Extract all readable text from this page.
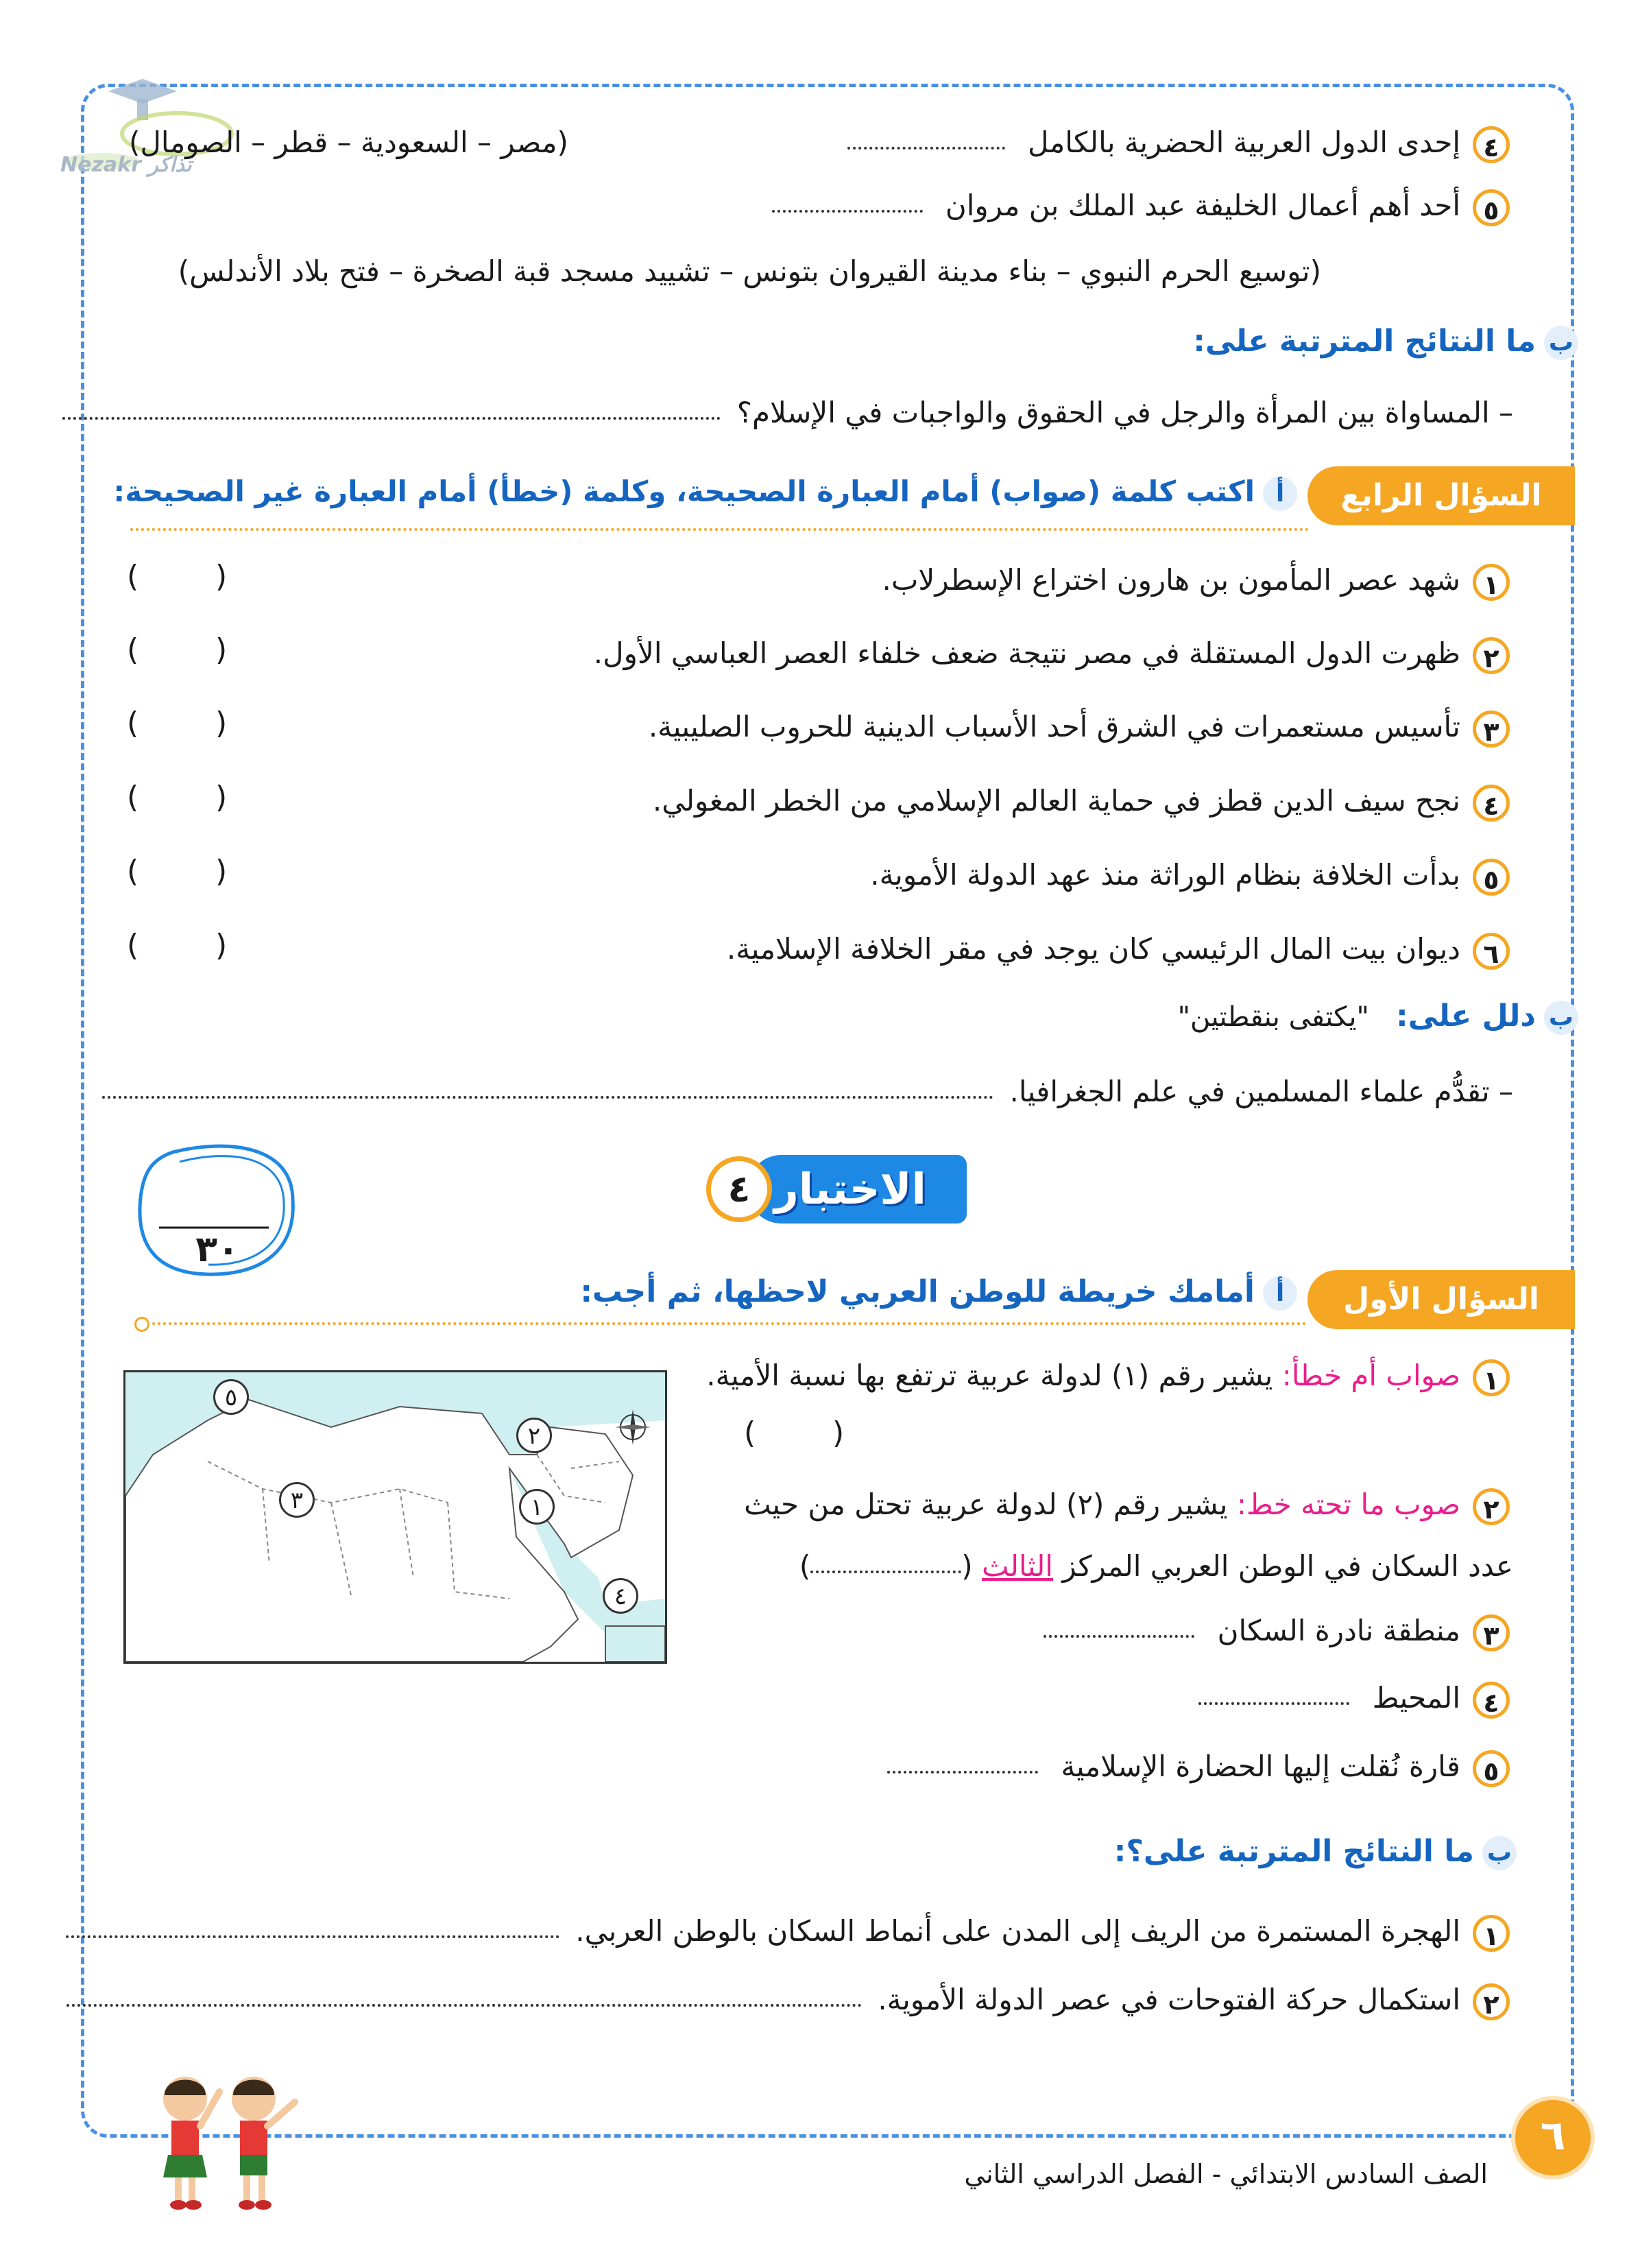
Nezakr تذاكر
٤إحدى الدول العربية الحضرية بالكامل
(مصر – السعودية – قطر – الصومال)
٥أحد أهم أعمال الخليفة عبد الملك بن مروان
(توسيع الحرم النبوي – بناء مدينة القيروان بتونس – تشييد مسجد قبة الصخرة – فتح بلاد الأندلس)
بما النتائج المترتبة على:
– المساواة بين المرأة والرجل في الحقوق والواجبات في الإسلام؟
السؤال الرابع
أاكتب كلمة (صواب) أمام العبارة الصحيحة، وكلمة (خطأ) أمام العبارة غير الصحيحة:
١شهد عصر المأمون بن هارون اختراع الإسطرلاب.
(        )
٢ظهرت الدول المستقلة في مصر نتيجة ضعف خلفاء العصر العباسي الأول.
(        )
٣تأسيس مستعمرات في الشرق أحد الأسباب الدينية للحروب الصليبية.
(        )
٤نجح سيف الدين قطز في حماية العالم الإسلامي من الخطر المغولي.
(        )
٥بدأت الخلافة بنظام الوراثة منذ عهد الدولة الأموية.
(        )
٦ديوان بيت المال الرئيسي كان يوجد في مقر الخلافة الإسلامية.
(        )
بدلل على: "يكتفى بنقطتين"
– تقدُّم علماء المسلمين في علم الجغرافيا.
الاختبار
٤
٣٠
السؤال الأول
أأمامك خريطة للوطن العربي لاحظها، ثم أجب:
٥
٢
٣	١
٤
١صواب أم خطأ: يشير رقم (١) لدولة عربية ترتفع بها نسبة الأمية.
(        )
٢صوب ما تحته خط: يشير رقم (٢) لدولة عربية تحتل من حيث
عدد السكان في الوطن العربي المركز الثالث ()
٣منطقة نادرة السكان
٤المحيط
٥قارة نُقلت إليها الحضارة الإسلامية
بما النتائج المترتبة على؟:
١الهجرة المستمرة من الريف إلى المدن على أنماط السكان بالوطن العربي.
٢استكمال حركة الفتوحات في عصر الدولة الأموية.
٦
الصف السادس الابتدائي - الفصل الدراسي الثاني
